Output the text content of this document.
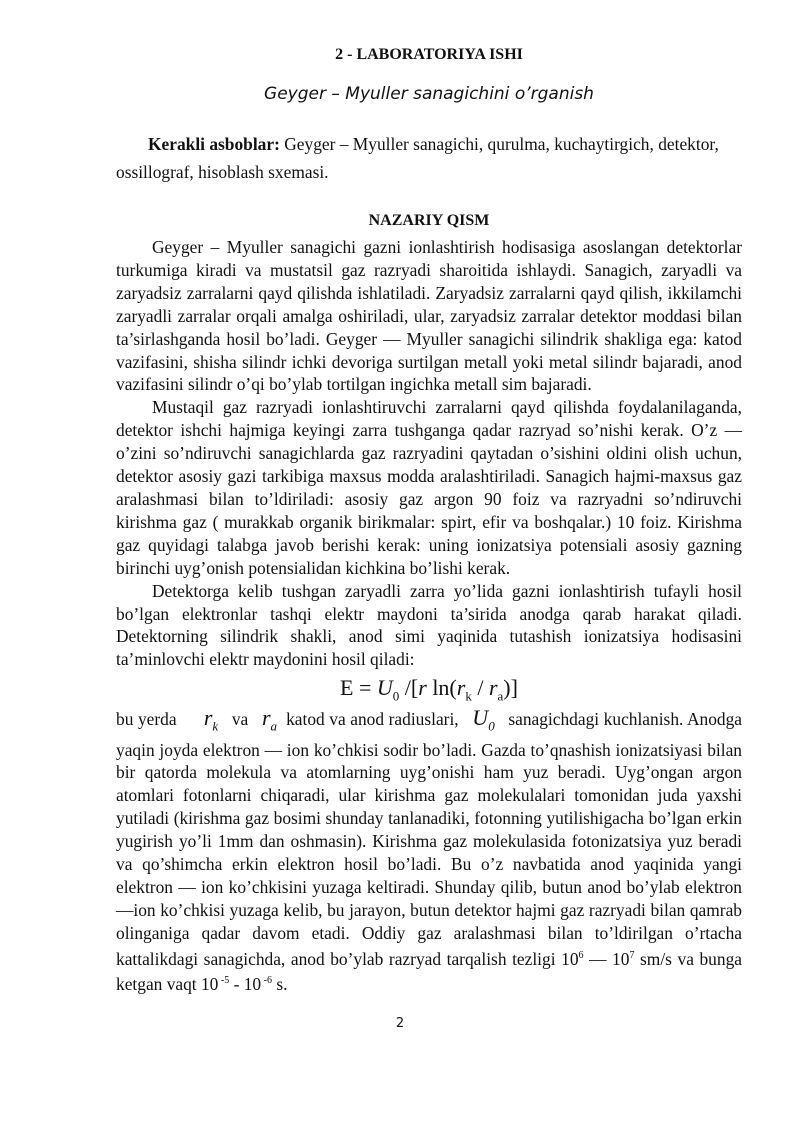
2 - LABORATORIYA ISHI
Geyger – Myuller sanagichini o’rganish

Kerakli asboblar: Geyger – Myuller sanagichi, qurulma, kuchaytirgich, detektor, ossillograf, hisoblash sxemasi.

NAZARIY QISM

Geyger – Myuller sanagichi gazni ionlashtirish hodisasiga asoslangan detektorlar turkumiga kiradi va mustatsil gaz razryadi sharoitida ishlaydi. Sanagich, zaryadli va zaryadsiz zarralarni qayd qilishda ishlatiladi. Zaryadsiz zarralarni qayd qilish, ikkilamchi zaryadli zarralar orqali amalga oshiriladi, ular, zaryadsiz zarralar detektor moddasi bilan ta’sirlashganda hosil bo’ladi. Geyger — Myuller sanagichi silindrik shakliga ega: katod vazifasini, shisha silindr ichki devoriga surtilgan metall yoki metal silindr bajaradi, anod vazifasini silindr o’qi bo’ylab tortilgan ingichka metall sim bajaradi.

Mustaqil gaz razryadi ionlashtiruvchi zarralarni qayd qilishda foydalanilaganda, detektor ishchi hajmiga keyingi zarra tushganga qadar razryad so’nishi kerak. O’z —o’zini so’ndiruvchi sanagichlarda gaz razryadini qaytadan o’sishini oldini olish uchun, detektor asosiy gazi tarkibiga maxsus modda aralashtiriladi. Sanagich hajmi-maxsus gaz aralashmasi bilan to’ldiriladi: asosiy gaz argon 90 foiz va razryadni so’ndiruvchi kirishma gaz ( murakkab organik birikmalar: spirt, efir va boshqalar.) 10 foiz. Kirishma gaz quyidagi talabga javob berishi kerak: uning ionizatsiya potensiali asosiy gazning birinchi uyg’onish potensialidan kichkina bo’lishi kerak.

Detektorga kelib tushgan zaryadli zarra yo’lida gazni ionlashtirish tufayli hosil bo’lgan elektronlar tashqi elektr maydoni ta’sirida anodga qarab harakat qiladi. Detektorning silindrik shakli, anod simi yaqinida tutashish ionizatsiya hodisasini ta’minlovchi elektr maydonini hosil qiladi:

$E = U_0$ /[r $\ln(r_k / r_a)$]

bu yerda $r_k$ va $r_a$ katod va anod radiuslari, $U_0$ sanagichdagi kuchlanish. Anodga yaqin joyda elektron — ion ko’chkisi sodir bo’ladi. Gazda to’qnashish ionizatsiyasi bilan bir qatorda molekula va atomlarning uyg’onishi ham yuz beradi. Uyg’ongan argon atomlari fotonlarni chiqaradi, ular kirishma gaz molekulalari tomonidan juda yaxshi yutiladi (kirishma gaz bosimi shunday tanlanadiki, fotonning yutilishigacha bo’lgan erkin yugirish yo’li 1mm dan oshmasin). Kirishma gaz molekulasida fotonizatsiya yuz beradi va qo’shimcha erkin elektron hosil bo’ladi. Bu o’z navbatida anod yaqinida yangi elektron — ion ko’chkisini yuzaga keltiradi. Shunday qilib, butun anod bo’ylab elektron —ion ko’chkisi yuzaga kelib, bu jarayon, butun detektor hajmi gaz razryadi bilan qamrab olinganiga qadar davom etadi. Oddiy gaz aralashmasi bilan to’ldirilgan o’rtacha kattalikdagi sanagichda, anod bo’ylab razryad tarqalish tezligi $10^6$ — $10^7$ sm/s va bunga ketgan vaqt 10 $^{-5}$ - 10 $^{-6}$ s.

2
